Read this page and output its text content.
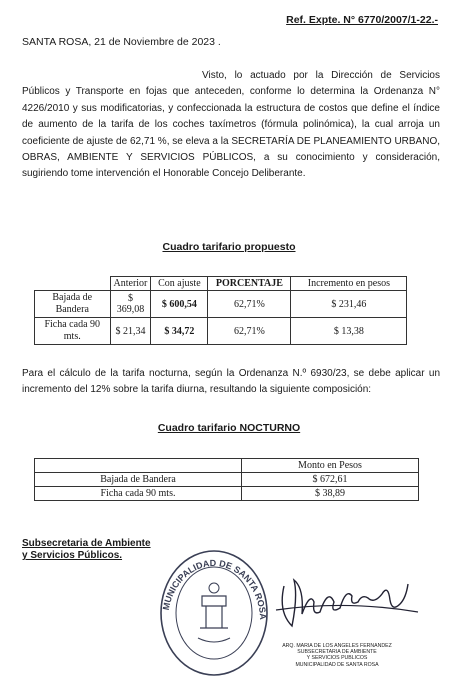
Ref. Expte. N° 6770/2007/1-22.-
SANTA ROSA, 21 de Noviembre de 2023 .
Visto, lo actuado por la Dirección de Servicios Públicos y Transporte en fojas que anteceden, conforme lo determina la Ordenanza N° 4226/2010 y sus modificatorias, y confeccionada la estructura de costos que define el índice de aumento de la tarifa de los coches taxímetros (fórmula polinómica), la cual arroja un coeficiente de ajuste de 62,71 %, se eleva a la SECRETARÍA DE PLANEAMIENTO URBANO, OBRAS, AMBIENTE Y SERVICIOS PÚBLICOS, a su conocimiento y consideración, sugiriendo tome intervención el Honorable Concejo Deliberante.
Cuadro tarifario propuesto
	Anterior	Con ajuste	PORCENTAJE	Incremento en pesos
Bajada de Bandera	$ 369,08	$ 600,54	62,71%	$ 231,46
Ficha cada 90 mts.	$ 21,34	$ 34,72	62,71%	$ 13,38
Para el cálculo de la tarifa nocturna, según la Ordenanza N.º 6930/23, se debe aplicar un incremento del 12% sobre la tarifa diurna, resultando la siguiente composición:
Cuadro tarifario NOCTURNO
	Monto en Pesos
Bajada de Bandera	$ 672,61
Ficha cada 90 mts.	$ 38,89
Subsecretaria de Ambiente
y Servicios Públicos.
MUNICIPALIDAD DE SANTA ROSA
ARQ. MARIA DE LOS ANGELES FERNANDEZ
SUBSECRETARIA DE AMBIENTE
Y SERVICIOS PUBLICOS
MUNICIPALIDAD DE SANTA ROSA
